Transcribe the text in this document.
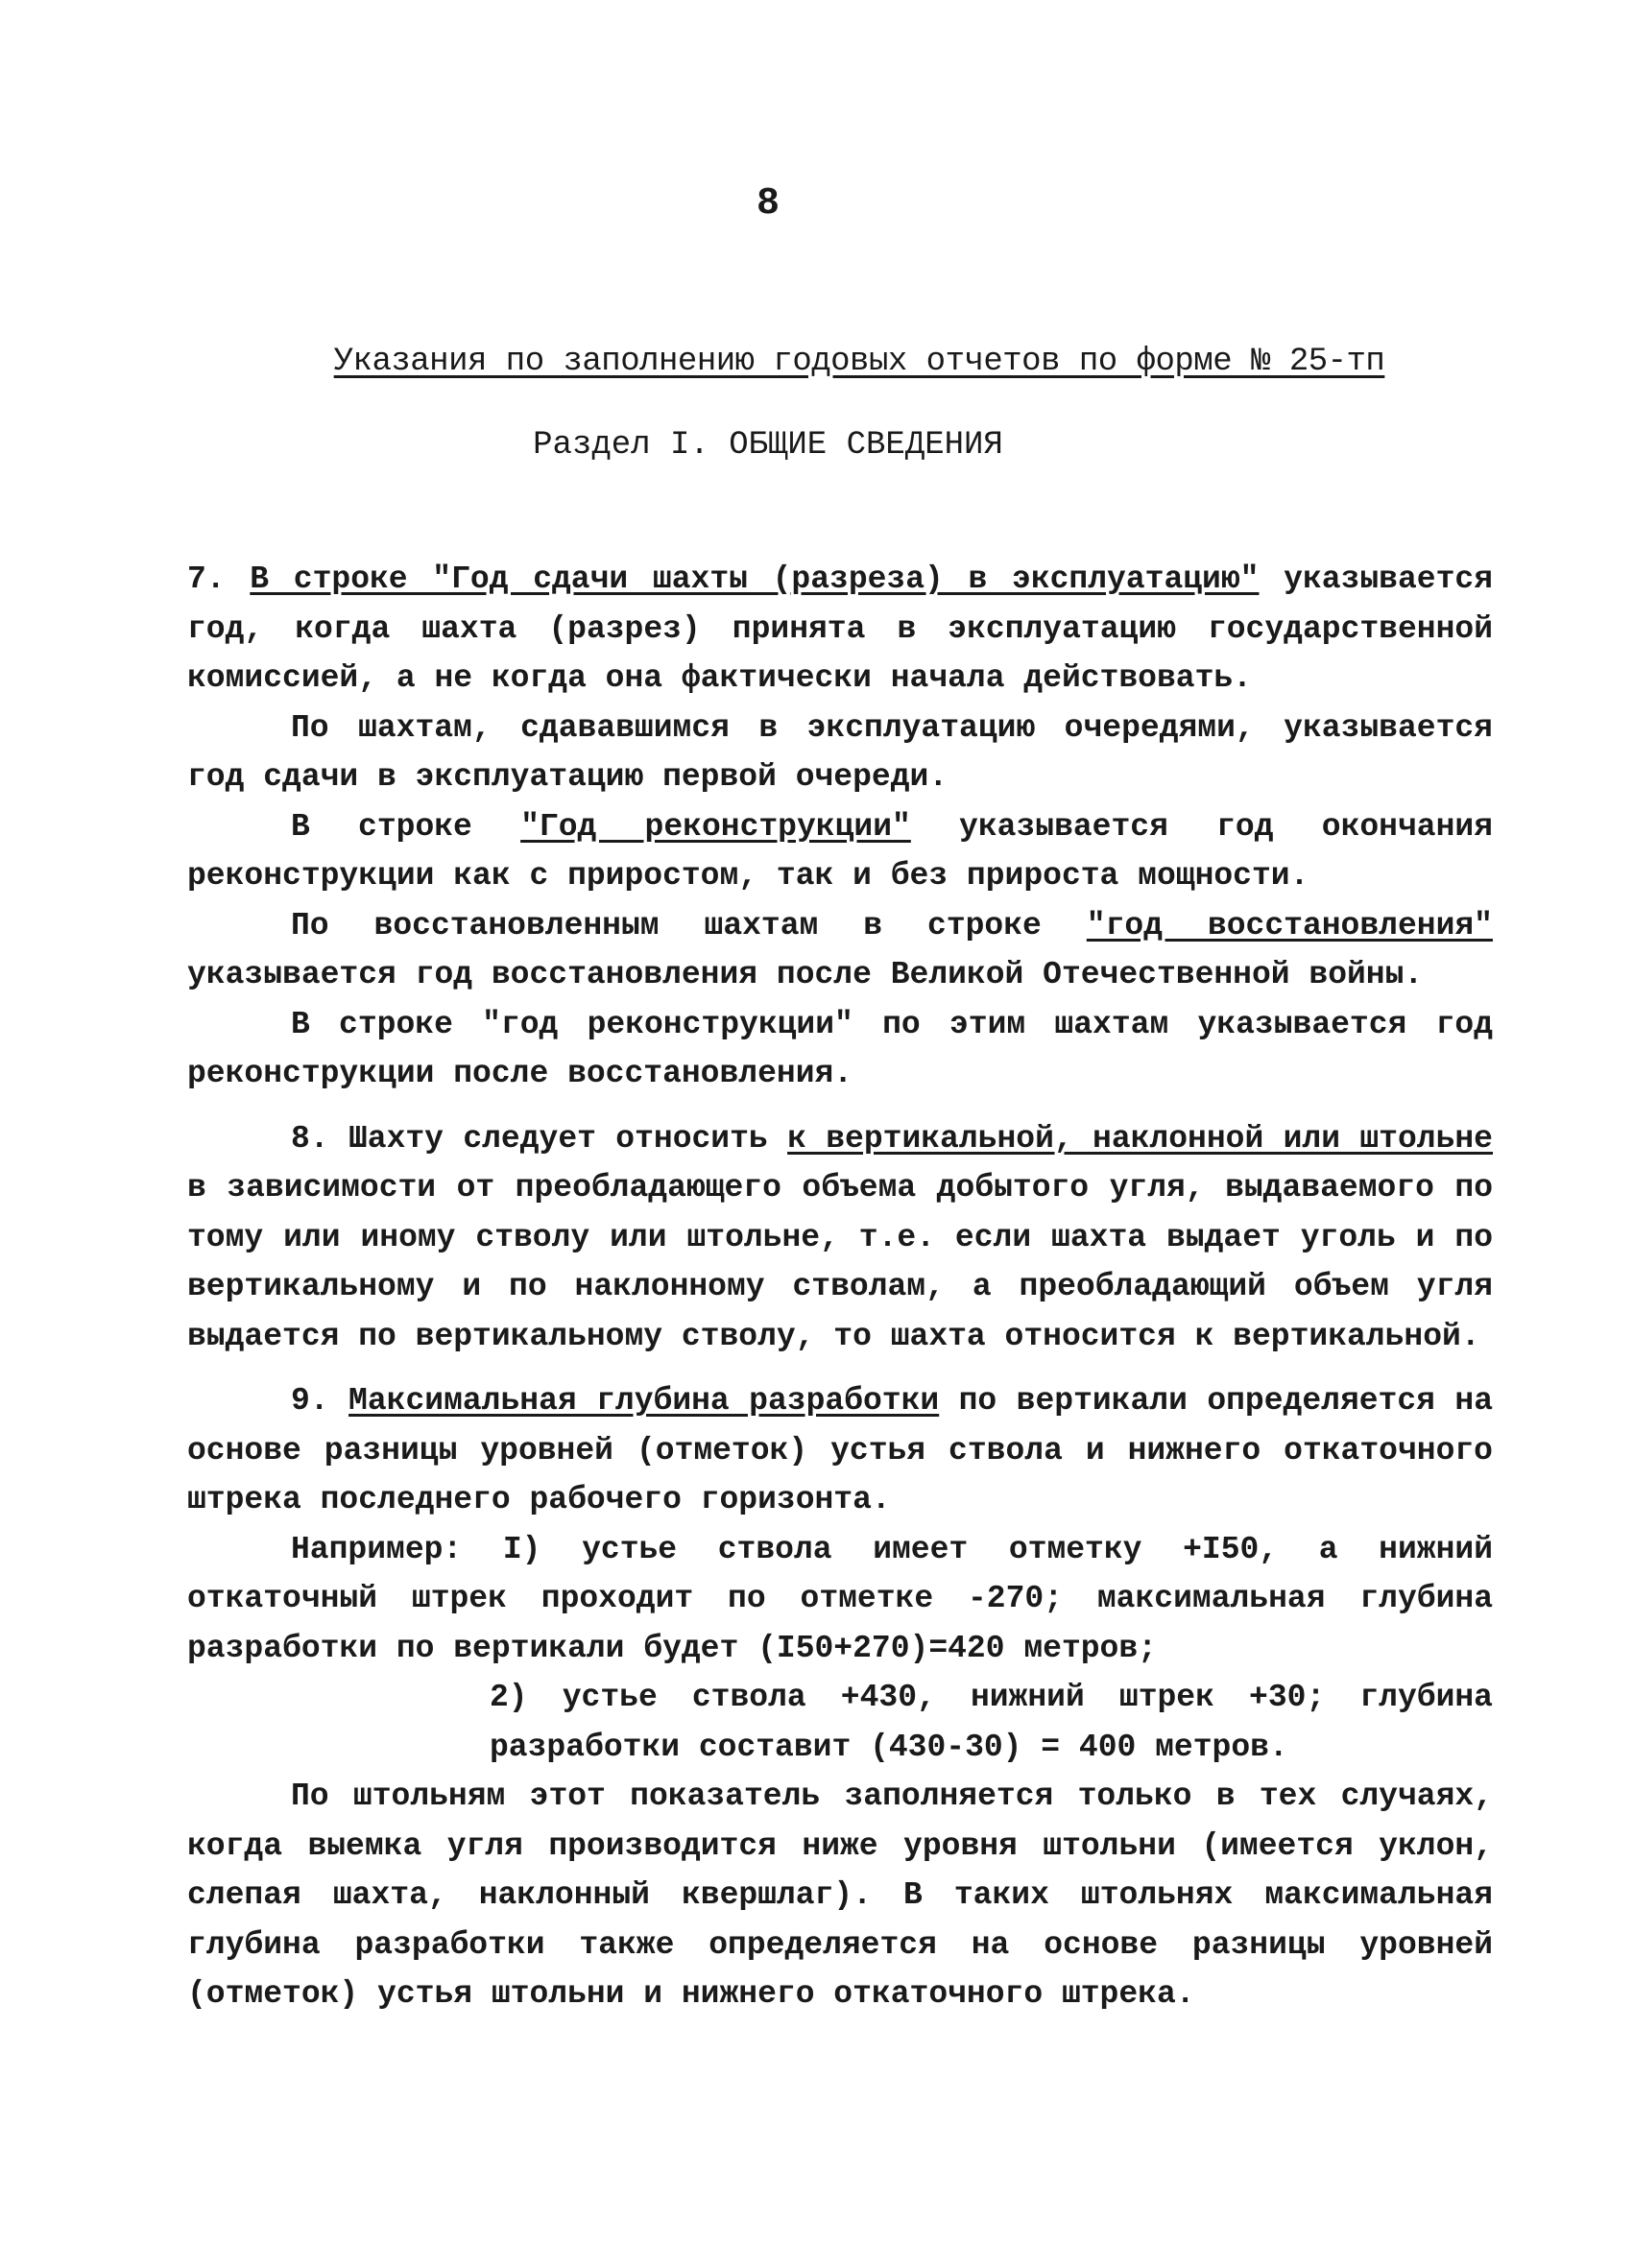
8
Указания по заполнению годовых отчетов по форме № 25-тп
Раздел I. ОБЩИЕ СВЕДЕНИЯ

7. В строке "Год сдачи шахты (разреза) в эксплуатацию" указывается год, когда шахта (разрез) принята в эксплуатацию государственной комиссией, а не когда она фактически начала действовать.

По шахтам, сдававшимся в эксплуатацию очередями, указывается год сдачи в эксплуатацию первой очереди.

В строке "Год реконструкции" указывается год окончания реконструкции как с приростом, так и без прироста мощности.

По восстановленным шахтам в строке "год восстановления" указывается год восстановления после Великой Отечественной войны.

В строке "год реконструкции" по этим шахтам указывается год реконструкции после восстановления.

8. Шахту следует относить к вертикальной, наклонной или штольне в зависимости от преобладающего объема добытого угля, выдаваемого по тому или иному стволу или штольне, т.е. если шахта выдает уголь и по вертикальному и по наклонному стволам, а преобладающий объем угля выдается по вертикальному стволу, то шахта относится к вертикальной.

9. Максимальная глубина разработки по вертикали определяется на основе разницы уровней (отметок) устья ствола и нижнего откаточного штрека последнего рабочего горизонта.

Например: I) устье ствола имеет отметку +I50, а нижний откаточный штрек проходит по отметке -270; максимальная глубина разработки по вертикали будет (I50+270)=420 метров;

2) устье ствола +430, нижний штрек +30; глубина разработки составит (430-30) = 400 метров.

По штольням этот показатель заполняется только в тех случаях, когда выемка угля производится ниже уровня штольни (имеется уклон, слепая шахта, наклонный квершлаг). В таких штольнях максимальная глубина разработки также определяется на основе разницы уровней (отметок) устья штольни и нижнего откаточного штрека.
